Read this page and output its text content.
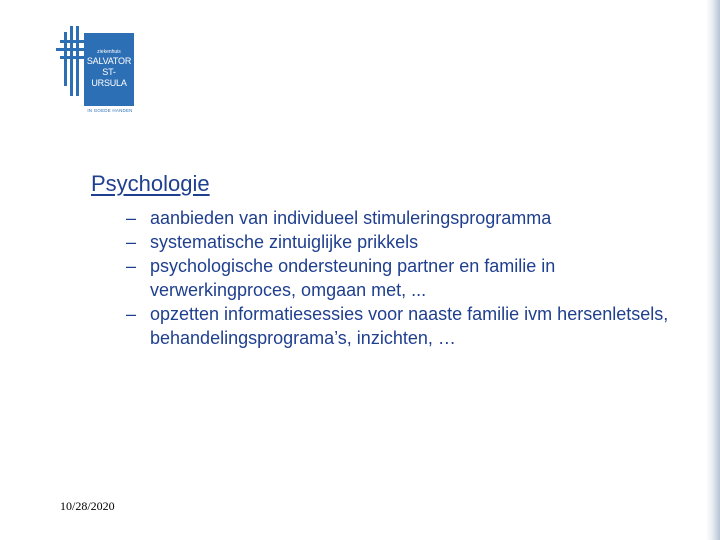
ziekenhuis
SALVATOR
ST-URSULA
IN GOEDE HANDEN
Psychologie
– aanbieden van individueel stimuleringsprogramma
– systematische zintuiglijke prikkels
– psychologische ondersteuning partner en familie in verwerkingproces, omgaan met, ...
– opzetten informatiesessies voor naaste familie ivm hersenletsels, behandelingsprograma’s, inzichten, …
10/28/2020
